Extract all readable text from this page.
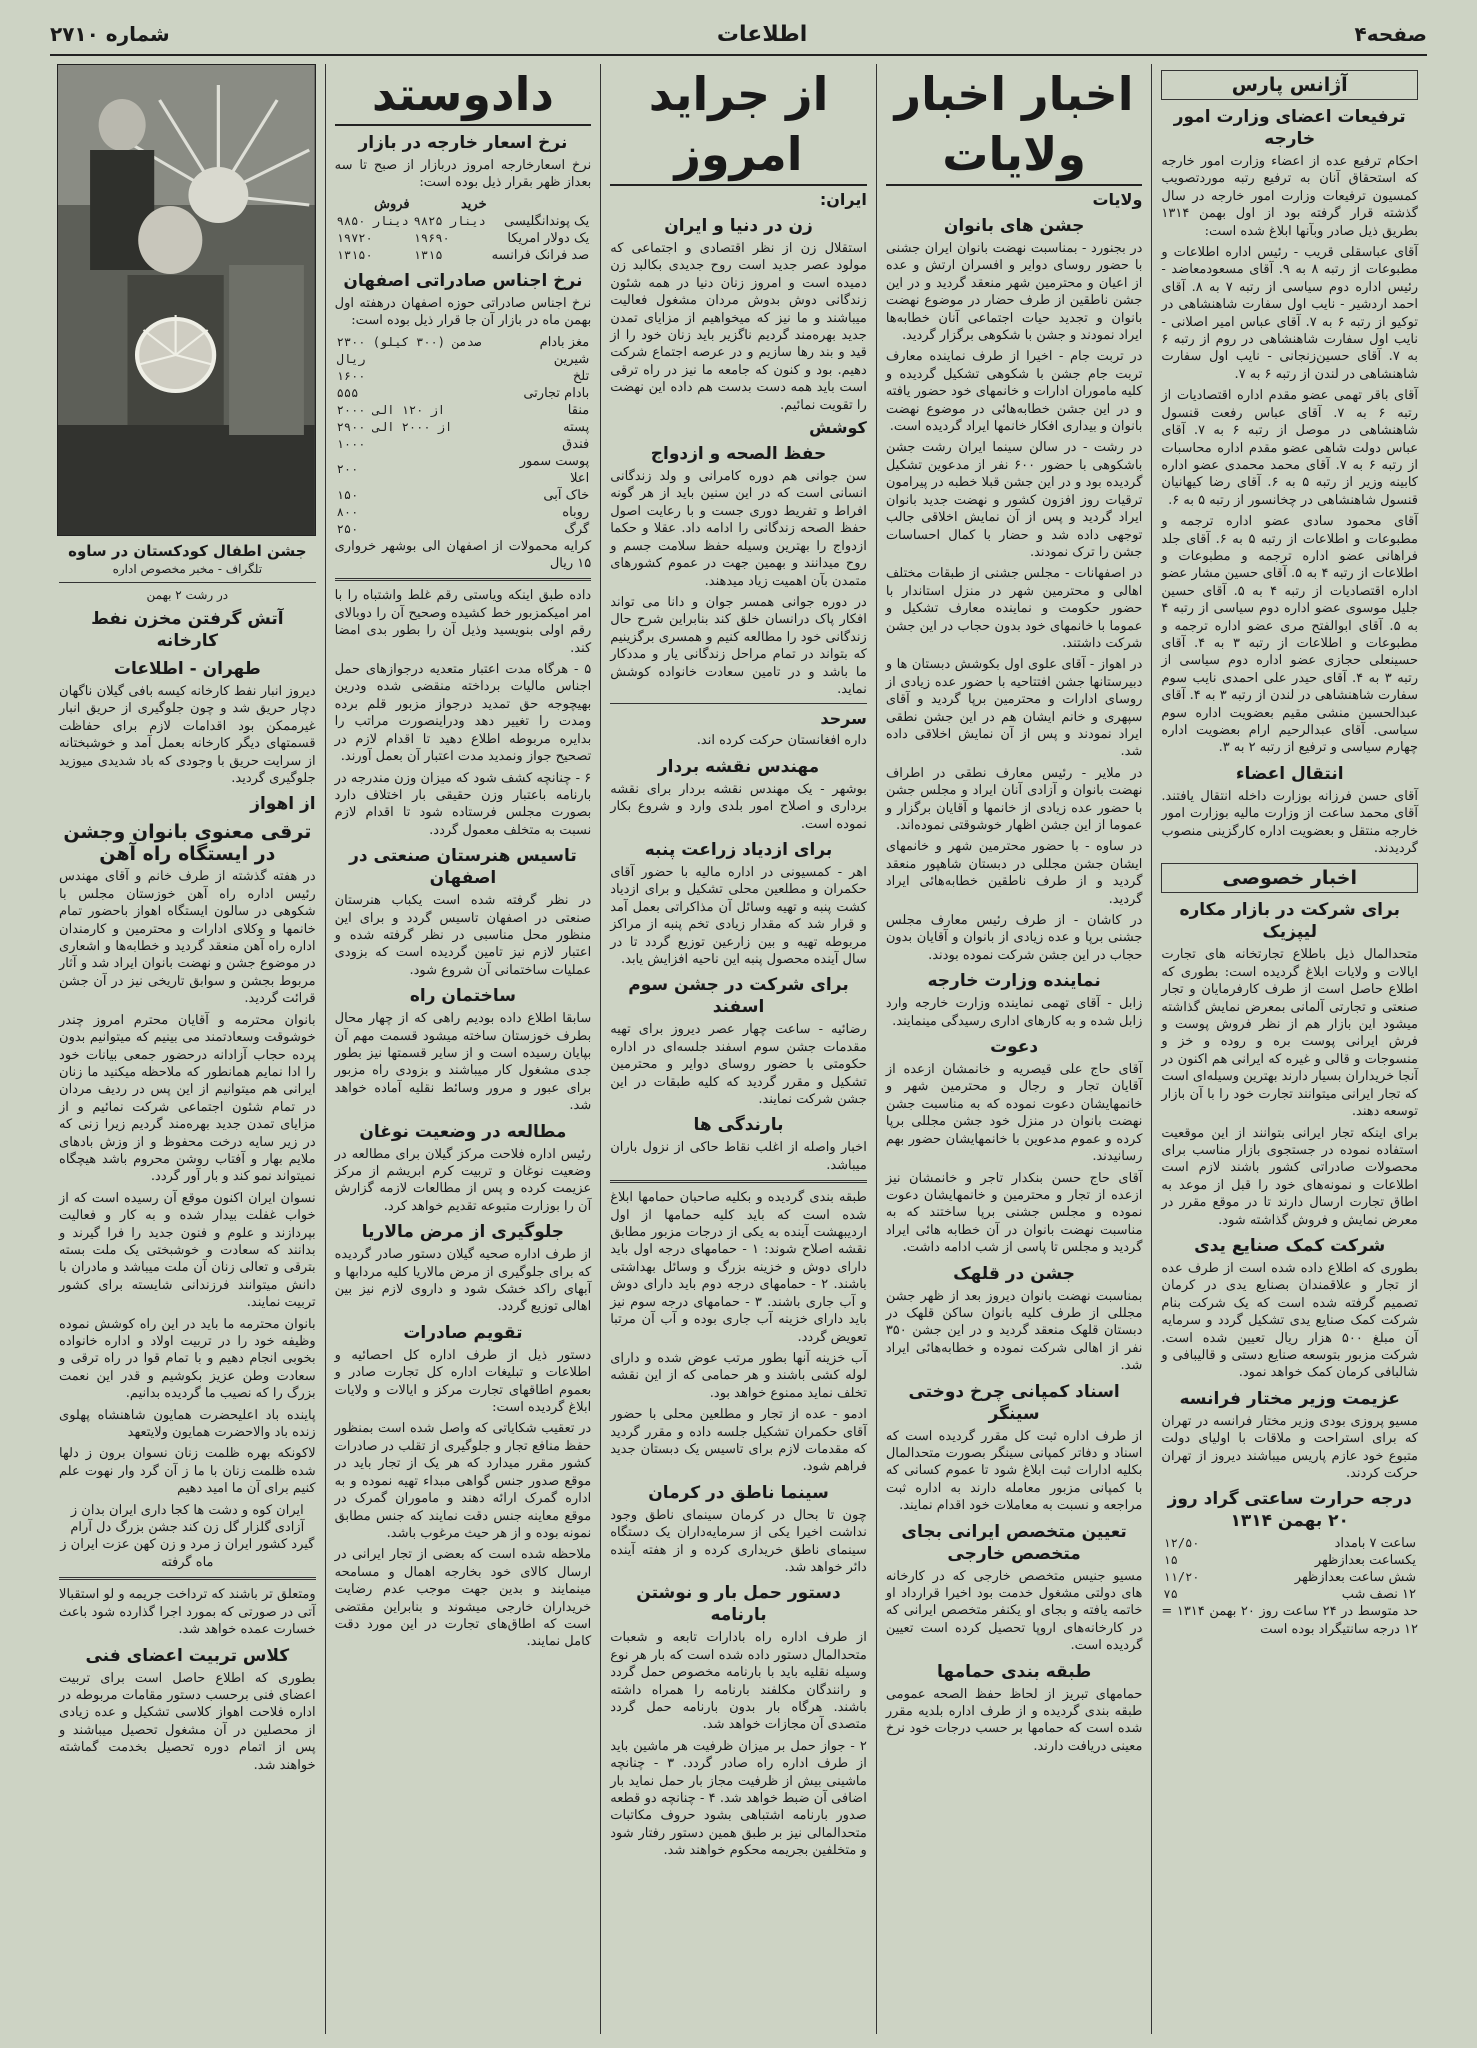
صفحه۴
اطلاعات
شماره ۲۷۱۰
آژانس پارس
ترفیعات اعضای وزارت امور خارجه

احکام ترفیع عده از اعضاء وزارت امور خارجه که استحقاق آنان به ترفیع رتبه موردتصویب کمسیون ترفیعات وزارت امور خارجه در سال گذشته قرار گرفته بود از اول بهمن ۱۳۱۴ بطریق ذیل صادر وبآنها ابلاغ شده است:

آقای عباسقلی قریب - رئیس اداره اطلاعات و مطبوعات از رتبه ۸ به ۹. آقای مسعودمعاضد - رئیس اداره دوم سیاسی از رتبه ۷ به ۸. آقای احمد اردشیر - نایب اول سفارت شاهنشاهی در توکیو از رتبه ۶ به ۷. آقای عباس امیر اصلانی - نایب اول سفارت شاهنشاهی در روم از رتبه ۶ به ۷. آقای حسین‌زنجانی - نایب اول سفارت شاهنشاهی در لندن از رتبه ۶ به ۷.

آقای باقر تهمی عضو مقدم اداره اقتصادیات از رتبه ۶ به ۷. آقای عباس رفعت قنسول شاهنشاهی در موصل از رتبه ۶ به ۷. آقای عباس دولت شاهی عضو مقدم اداره محاسبات از رتبه ۶ به ۷. آقای محمد محمدی عضو اداره کابینه وزیر از رتبه ۵ به ۶. آقای رضا کیهانیان قنسول شاهنشاهی در چخانسور از رتبه ۵ به ۶.

آقای محمود سادی عضو اداره ترجمه و مطبوعات و اطلاعات از رتبه ۵ به ۶. آقای جلد فراهانی عضو اداره ترجمه و مطبوعات و اطلاعات از رتبه ۴ به ۵. آقای حسین مشار عضو اداره اقتصادیات از رتبه ۴ به ۵. آقای حسین جلیل موسوی عضو اداره دوم سیاسی از رتبه ۴ به ۵. آقای ابوالفتح مری عضو اداره ترجمه و مطبوعات و اطلاعات از رتبه ۳ به ۴. آقای حسینعلی حجازی عضو اداره دوم سیاسی از رتبه ۳ به ۴. آقای حیدر علی احمدی نایب سوم سفارت شاهنشاهی در لندن از رتبه ۳ به ۴. آقای عبدالحسین منشی مقیم بعضویت اداره سوم سیاسی. آقای عبدالرحیم ارام بعضویت اداره چهارم سیاسی و ترفیع از رتبه ۲ به ۳.

انتقال اعضاء

آقای حسن فرزانه بوزارت داخله انتقال یافتند. آقای محمد ساعت از وزارت مالیه بوزارت امور خارجه منتقل و بعضویت اداره کارگزینی منصوب گردیدند.

اخبار خصوصی
برای شرکت در بازار مکاره لیپزیک

متحدالمال ذیل باطلاع تجارتخانه های تجارت ایالات و ولایات ابلاغ گردیده است: بطوری که اطلاع حاصل است از طرف کارفرمایان و تجار صنعتی و تجارتی آلمانی بمعرض نمایش گذاشته میشود این بازار هم از نظر فروش پوست و فرش ایرانی پوست بره و روده و خز و منسوجات و قالی و غیره که ایرانی هم اکنون در آنجا خریداران بسیار دارند بهترین وسیله‌ای است که تجار ایرانی میتوانند تجارت خود را با آن بازار توسعه دهند.

برای اینکه تجار ایرانی بتوانند از این موقعیت استفاده نموده در جستجوی بازار مناسب برای محصولات صادراتی کشور باشند لازم است اطلاعات و نمونه‌های خود را قبل از موعد به اطاق تجارت ارسال دارند تا در موقع مقرر در معرض نمایش و فروش گذاشته شود.

شرکت کمک صنایع یدی

بطوری که اطلاع داده شده است از طرف عده از تجار و علاقمندان بصنایع یدی در کرمان تصمیم گرفته شده است که یک شرکت بنام شرکت کمک صنایع یدی تشکیل گردد و سرمایه آن مبلغ ۵۰۰ هزار ریال تعیین شده است. شرکت مزبور بتوسعه صنایع دستی و قالیبافی و شالبافی کرمان کمک خواهد نمود.

عزیمت وزیر مختار فرانسه

مسیو پروزی بودی وزیر مختار فرانسه در تهران که برای استراحت و ملاقات با اولیای دولت متبوع خود عازم پاریس میباشند دیروز از تهران حرکت کردند.

درجه حرارت ساعتی گراد روز ۲۰ بهمن ۱۳۱۴
ساعت ۷ بامداد	۱۲/۵۰
یکساعت بعدازظهر	۱۵
شش ساعت بعدازظهر	۱۱/۲۰
۱۲ نصف شب	۷۵

حد متوسط در ۲۴ ساعت روز ۲۰ بهمن ۱۳۱۴ = ۱۲ درجه سانتیگراد بوده است

اخبار اخبار ولایات
ولایات
جشن های بانوان

در بجنورد - بمناسبت نهضت بانوان ایران جشنی با حضور روسای دوایر و افسران ارتش و عده از اعیان و محترمین شهر منعقد گردید و در این جشن ناطقین از طرف حضار در موضوع نهضت بانوان و تجدید حیات اجتماعی آنان خطابه‌ها ایراد نمودند و جشن با شکوهی برگزار گردید.

در تربت جام - اخیرا از طرف نماینده معارف تربت جام جشن با شکوهی تشکیل گردیده و کلیه ماموران ادارات و خانمهای خود حضور یافته و در این جشن خطابه‌هائی در موضوع نهضت بانوان و بیداری افکار خانمها ایراد گردیده است.

در رشت - در سالن سینما ایران رشت جشن باشکوهی با حضور ۶۰۰ نفر از مدعوین تشکیل گردیده بود و در این جشن قبلا خطبه در پیرامون ترقیات روز افزون کشور و نهضت جدید بانوان ایراد گردید و پس از آن نمایش اخلاقی جالب توجهی داده شد و حضار با کمال احساسات جشن را ترک نمودند.

در اصفهانات - مجلس جشنی از طبقات مختلف اهالی و محترمین شهر در منزل استاندار با حضور حکومت و نماینده معارف تشکیل و عموما با خانمهای خود بدون حجاب در این جشن شرکت داشتند.

در اهواز - آقای علوی اول بکوشش دبستان ها و دبیرستانها جشن افتتاحیه با حضور عده زیادی از روسای ادارات و محترمین برپا گردید و آقای سپهری و خانم ایشان هم در این جشن نطقی ایراد نمودند و پس از آن نمایش اخلاقی داده شد.

در ملایر - رئیس معارف نطقی در اطراف نهضت بانوان و آزادی آنان ایراد و مجلس جشن با حضور عده زیادی از خانمها و آقایان برگزار و عموما از این جشن اظهار خوشوقتی نموده‌اند.

در ساوه - با حضور محترمین شهر و خانمهای ایشان جشن مجللی در دبستان شاهپور منعقد گردید و از طرف ناطقین خطابه‌هائی ایراد گردید.

در کاشان - از طرف رئیس معارف مجلس جشنی برپا و عده زیادی از بانوان و آقایان بدون حجاب در این جشن شرکت نموده بودند.

نماینده وزارت خارجه

زابل - آقای تهمی نماینده وزارت خارجه وارد زابل شده و به کارهای اداری رسیدگی مینمایند.

دعوت

آقای حاج علی قیصریه و خانمشان ازعده از آقایان تجار و رجال و محترمین شهر و خانمهایشان دعوت نموده که به مناسبت جشن نهضت بانوان در منزل خود جشن مجللی برپا کرده و عموم مدعوین با خانمهایشان حضور بهم رسانیدند.

آقای حاج حسن بنکدار تاجر و خانمشان نیز ازعده از تجار و محترمین و خانمهایشان دعوت نموده و مجلس جشنی برپا ساختند که به مناسبت نهضت بانوان در آن خطابه هائی ایراد گردید و مجلس تا پاسی از شب ادامه داشت.

جشن در قلهک

بمناسبت نهضت بانوان دیروز بعد از ظهر جشن مجللی از طرف کلیه بانوان ساکن قلهک در دبستان قلهک منعقد گردید و در این جشن ۳۵۰ نفر از اهالی شرکت نموده و خطابه‌هائی ایراد شد.

اسناد کمپانی چرخ دوختی سینگر

از طرف اداره ثبت کل مقرر گردیده است که اسناد و دفاتر کمپانی سینگر بصورت متحدالمال بکلیه ادارات ثبت ابلاغ شود تا عموم کسانی که با کمپانی مزبور معامله دارند به اداره ثبت مراجعه و نسبت به معاملات خود اقدام نمایند.

تعیین متخصص ایرانی بجای متخصص خارجی

مسیو جنیس متخصص خارجی که در کارخانه های دولتی مشغول خدمت بود اخیرا قرارداد او خاتمه یافته و بجای او یکنفر متخصص ایرانی که در کارخانه‌های اروپا تحصیل کرده است تعیین گردیده است.

طبقه بندی حمامها

حمامهای تبریز از لحاظ حفظ الصحه عمومی طبقه بندی گردیده و از طرف اداره بلدیه مقرر شده است که حمامها بر حسب درجات خود نرخ معینی دریافت دارند.

از جراید امروز
ایران:
زن در دنیا و ایران

استقلال زن از نظر اقتصادی و اجتماعی که مولود عصر جدید است روح جدیدی بکالبد زن دمیده است و امروز زنان دنیا در همه شئون زندگانی دوش بدوش مردان مشغول فعالیت میباشند و ما نیز که میخواهیم از مزایای تمدن جدید بهره‌مند گردیم ناگزیر باید زنان خود را از قید و بند رها سازیم و در عرصه اجتماع شرکت دهیم. بود و کنون که جامعه ما نیز در راه ترقی است باید همه دست بدست هم داده این نهضت را تقویت نمائیم.

کوشش
حفظ الصحه و ازدواج

سن جوانی هم دوره کامرانی و ولد زندگانی انسانی است که در این سنین باید از هر گونه افراط و تفریط دوری جست و با رعایت اصول حفظ الصحه زندگانی را ادامه داد. عقلا و حکما ازدواج را بهترین وسیله حفظ سلامت جسم و روح میدانند و بهمین جهت در عموم کشورهای متمدن بآن اهمیت زیاد میدهند.

در دوره جوانی همسر جوان و دانا می تواند افکار پاک درانسان خلق کند بنابراین شرح حال زندگانی خود را مطالعه کنیم و همسری برگزینیم که بتواند در تمام مراحل زندگانی یار و مددکار ما باشد و در تامین سعادت خانواده کوشش نماید.

سرحد

داره افغانستان حرکت کرده اند.

مهندس نقشه بردار

بوشهر - یک مهندس نقشه بردار برای نقشه برداری و اصلاح امور بلدی وارد و شروع بکار نموده است.

برای ازدیاد زراعت پنبه

اهر - کمسیونی در اداره مالیه با حضور آقای حکمران و مطلعین محلی تشکیل و برای ازدیاد کشت پنبه و تهیه وسائل آن مذاکراتی بعمل آمد و قرار شد که مقدار زیادی تخم پنبه از مراکز مربوطه تهیه و بین زارعین توزیع گردد تا در سال آینده محصول پنبه این ناحیه افزایش یابد.

برای شرکت در جشن سوم اسفند

رضائیه - ساعت چهار عصر دیروز برای تهیه مقدمات جشن سوم اسفند جلسه‌ای در اداره حکومتی با حضور روسای دوایر و محترمین تشکیل و مقرر گردید که کلیه طبقات در این جشن شرکت نمایند.

بارندگی ها

اخبار واصله از اغلب نقاط حاکی از نزول باران میباشد.

طبقه بندی گردیده و بکلیه صاحبان حمامها ابلاغ شده است که باید کلیه حمامها از اول اردیبهشت آینده به یکی از درجات مزبور مطابق نقشه اصلاح شوند: ۱ - حمامهای درجه اول باید دارای دوش و خزینه بزرگ و وسائل بهداشتی باشند. ۲ - حمامهای درجه دوم باید دارای دوش و آب جاری باشند. ۳ - حمامهای درجه سوم نیز باید دارای خزینه آب جاری بوده و آب آن مرتبا تعویض گردد.

آب خزینه آنها بطور مرتب عوض شده و دارای لوله کشی باشند و هر حمامی که از این نقشه تخلف نماید ممنوع خواهد بود.

ادمو - عده از تجار و مطلعین محلی با حضور آقای حکمران تشکیل جلسه داده و مقرر گردید که مقدمات لازم برای تاسیس یک دبستان جدید فراهم شود.

سینما ناطق در کرمان

چون تا بحال در کرمان سینمای ناطق وجود نداشت اخیرا یکی از سرمایه‌داران یک دستگاه سینمای ناطق خریداری کرده و از هفته آینده دائر خواهد شد.

دستور حمل بار و نوشتن بارنامه

از طرف اداره راه بادارات تابعه و شعبات متحدالمال دستور داده شده است که بار هر نوع وسیله نقلیه باید با بارنامه مخصوص حمل گردد و رانندگان مکلفند بارنامه را همراه داشته باشند. هرگاه بار بدون بارنامه حمل گردد متصدی آن مجازات خواهد شد.

۲ - جواز حمل بر میزان ظرفیت هر ماشین باید از طرف اداره راه صادر گردد. ۳ - چنانچه ماشینی بیش از ظرفیت مجاز بار حمل نماید بار اضافی آن ضبط خواهد شد. ۴ - چنانچه دو قطعه صدور بارنامه اشتباهی بشود حروف مکاتبات متحدالمالی نیز بر طبق همین دستور رفتار شود و متخلفین بجریمه محکوم خواهند شد.

دادوستد
نرخ اسعار خارجه در بازار

نرخ اسعارخارجه امروز دربازار از صبح تا سه بعداز ظهر بقرار ذیل بوده است:

	خرید	فروش
یک پوندانگلیسی	۹۸۲۵ دینار	۹۸۵۰ دینار
یک دولار امریکا	۱۹۶۹۰	۱۹۷۲۰
صد فرانک فرانسه	۱۳۱۵	۱۳۱۵۰
نرخ اجناس صادراتی اصفهان

نرخ اجناس صادراتی حوزه اصفهان درهفته اول بهمن ماه در بازار آن جا قرار ذیل بوده است:

مغز بادام شیرین	صدمن (۳۰۰ کیلو) ۲۳۰۰ ریال
تلخ	۱۶۰۰
بادام تجارتی	۵۵۵
منقا	از ۱۲۰ الی ۲۰۰۰
پسته	از ۲۰۰۰ الی ۲۹۰۰
فندق	۱۰۰۰
پوست سمور اعلا	۲۰۰
خاک آبی	۱۵۰
روباه	۸۰۰
گرگ	۲۵۰

کرایه محمولات از اصفهان الی بوشهر خرواری ۱۵ ریال

داده طبق اینکه ویاستی رقم غلط واشتباه را با امر امیکمزبور خط کشیده وصحیح آن را دوبالای رقم اولی بنویسید وذیل آن را بطور بدی امضا کند.

۵ - هرگاه مدت اعتبار متعدیه درجوازهای حمل اجناس مالیات برداخته منقضی شده ودرین بهیچوجه حق تمدید درجواز مزبور قلم برده ومدت را تغییر دهد ودراینصورت مراتب را بدایره مربوطه اطلاع دهید تا اقدام لازم در تصحیح جواز ونمدید مدت اعتبار آن بعمل آورند.

۶ - چنانچه کشف شود که میزان وزن مندرجه در بارنامه باعتبار وزن حقیقی بار اختلاف دارد بصورت مجلس فرستاده شود تا اقدام لازم نسبت به متخلف معمول گردد.

تاسیس هنرستان صنعتی در اصفهان

در نظر گرفته شده است یکباب هنرستان صنعتی در اصفهان تاسیس گردد و برای این منظور محل مناسبی در نظر گرفته شده و اعتبار لازم نیز تامین گردیده است که بزودی عملیات ساختمانی آن شروع شود.

ساختمان راه

سابقا اطلاع داده بودیم راهی که از چهار محال بطرف خوزستان ساخته میشود قسمت مهم آن بپایان رسیده است و از سایر قسمتها نیز بطور جدی مشغول کار میباشند و بزودی راه مزبور برای عبور و مرور وسائط نقلیه آماده خواهد شد.

مطالعه در وضعیت نوغان

رئیس اداره فلاحت مرکز گیلان برای مطالعه در وضعیت نوغان و تربیت کرم ابریشم از مرکز عزیمت کرده و پس از مطالعات لازمه گزارش آن را بوزارت متبوعه تقدیم خواهد کرد.

جلوگیری از مرض مالاریا

از طرف اداره صحیه گیلان دستور صادر گردیده که برای جلوگیری از مرض مالاریا کلیه مردابها و آبهای راکد خشک شود و داروی لازم نیز بین اهالی توزیع گردد.

تقویم صادرات

دستور ذیل از طرف اداره کل احصائیه و اطلاعات و تبلیغات اداره کل تجارت صادر و بعموم اطاقهای تجارت مرکز و ایالات و ولایات ابلاغ گردیده است:

در تعقیب شکایاتی که واصل شده است بمنظور حفظ منافع تجار و جلوگیری از تقلب در صادرات کشور مقرر میدارد که هر یک از تجار باید در موقع صدور جنس گواهی مبداء تهیه نموده و به اداره گمرک ارائه دهند و ماموران گمرک در موقع معاینه جنس دقت نمایند که جنس مطابق نمونه بوده و از هر حیث مرغوب باشد.

ملاحظه شده است که بعضی از تجار ایرانی در ارسال کالای خود بخارجه اهمال و مسامحه مینمایند و بدین جهت موجب عدم رضایت خریداران خارجی میشوند و بنابراین مقتضی است که اطاق‌های تجارت در این مورد دقت کامل نمایند.

جشن اطفال کودکستان در ساوه
تلگراف - مخبر مخصوص اداره
در رشت ۲ بهمن
آتش گرفتن مخزن نفط کارخانه
طهران - اطلاعات

دیروز انبار نفط کارخانه کیسه بافی گیلان ناگهان دچار حریق شد و چون جلوگیری از حریق انبار غیرممکن بود اقدامات لازم برای حفاظت قسمتهای دیگر کارخانه بعمل آمد و خوشبختانه از سرایت حریق با وجودی که باد شدیدی میوزید جلوگیری گردید.

از اهواز
ترقی معنوی بانوان وجشن در ایستگاه راه آهن

در هفته گذشته از طرف خانم و آقای مهندس رئیس اداره راه آهن خوزستان مجلس با شکوهی در سالون ایستگاه اهواز باحضور تمام خانمها و وکلای ادارات و محترمین و کارمندان اداره راه آهن منعقد گردید و خطابه‌ها و اشعاری در موضوع جشن و نهضت بانوان ایراد شد و آثار مربوط بجشن و سوابق تاریخی نیز در آن جشن قرائت گردید.

بانوان محترمه و آقایان محترم امروز چندر خوشوقت وسعادتمند می بینیم که میتوانیم بدون پرده حجاب آزادانه درحضور جمعی بیانات خود را ادا نمایم همانطور که ملاحظه میکنید ما زنان ایرانی هم میتوانیم از این پس در ردیف مردان در تمام شئون اجتماعی شرکت نمائیم و از مزایای تمدن جدید بهره‌مند گردیم زیرا زنی که در زیر سایه درخت محفوظ و از وزش بادهای ملایم بهار و آفتاب روشن محروم باشد هیچگاه نمیتواند نمو کند و بار آور گردد.

نسوان ایران اکنون موقع آن رسیده است که از خواب غفلت بیدار شده و به کار و فعالیت بپردازند و علوم و فنون جدید را فرا گیرند و بدانند که سعادت و خوشبختی یک ملت بسته بترقی و تعالی زنان آن ملت میباشد و مادران با دانش میتوانند فرزندانی شایسته برای کشور تربیت نمایند.

بانوان محترمه ما باید در این راه کوشش نموده وظیفه خود را در تربیت اولاد و اداره خانواده بخوبی انجام دهیم و با تمام قوا در راه ترقی و سعادت وطن عزیز بکوشیم و قدر این نعمت بزرگ را که نصیب ما گردیده بدانیم.

پاینده باد اعلیحضرت همایون شاهنشاه پهلوی زنده باد والاحضرت همایون ولایتعهد

لاکونکه بهره ظلمت زنان نسوان برون ز دلها شده ظلمت زنان با ما ز آن گرد وار نهوت علم کنیم برای آن ما امید دهیم

ایران کوه و دشت ها کجا داری ایران بدان ز آزادی گلزار گل زن کند جشن بزرگ دل آرام گیرد کشور ایران ز مرد و زن کهن عزت ایران ز ماه گرفته

ومتعلق تر باشند که ترداخت جریمه و لو استقبالا آتی در صورتی که بمورد اجرا گذارده شود باعث خسارت عمده خواهد شد.

کلاس تربیت اعضای فنی

بطوری که اطلاع حاصل است برای تربیت اعضای فنی برحسب دستور مقامات مربوطه در اداره فلاحت اهواز کلاسی تشکیل و عده زیادی از محصلین در آن مشغول تحصیل میباشند و پس از اتمام دوره تحصیل بخدمت گماشته خواهند شد.
